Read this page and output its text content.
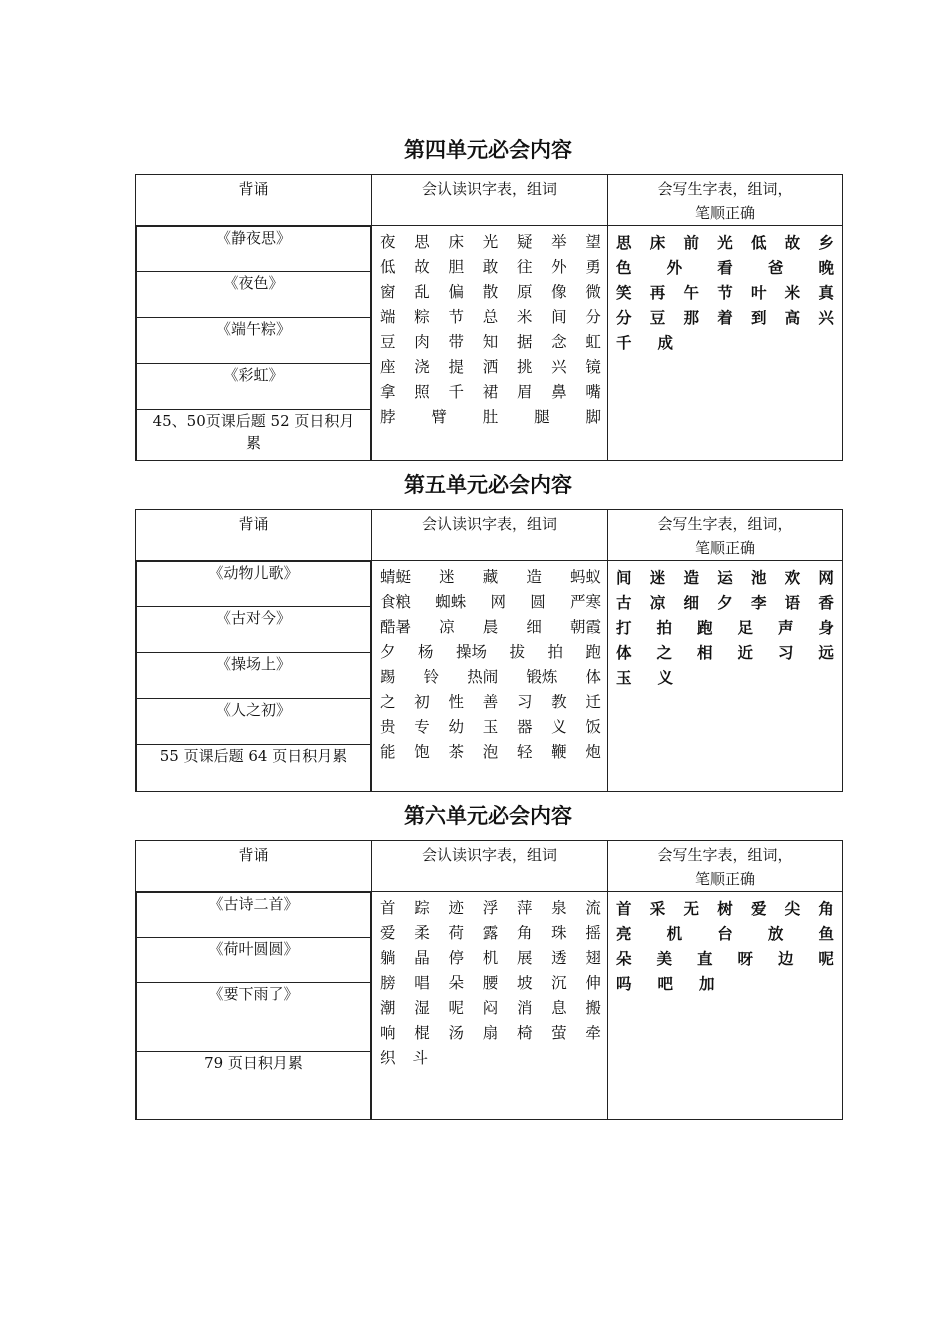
第四单元必会内容
背诵	会认读识字表，组词	会写生字表，组词，
笔顺正确

《静夜思》
《夜色》
《端午粽》
《彩虹》
45、50页课后题 52 页日积月累

夜 思 床 光 疑 举 望
低 故 胆 敢 往 外 勇
窗 乱 偏 散 原 像 微
端 粽 节 总 米 间 分
豆 肉 带 知 据 念 虹
座 浇 提 洒 挑 兴 镜
拿 照 千 裙 眉 鼻 嘴
脖 臂 肚 腿 脚

思 床 前 光 低 故 乡
色 外 看 爸 晚
笑 再 午 节 叶 米 真
分 豆 那 着 到 高 兴
千 成
第五单元必会内容
背诵	会认读识字表，组词	会写生字表，组词，
笔顺正确

《动物儿歌》
《古对今》
《操场上》
《人之初》
55 页课后题 64 页日积月累

蜻蜓 迷 藏 造 蚂蚁
食粮 蜘蛛 网 圆 严寒
酷暑 凉 晨 细 朝霞
夕 杨 操场 拔 拍 跑
踢 铃 热闹 锻炼 体
之 初 性 善 习 教 迁
贵 专 幼 玉 器 义 饭
能 饱 茶 泡 轻 鞭 炮

间 迷 造 运 池 欢 网
古 凉 细 夕 李 语 香
打 拍 跑 足 声 身
体 之 相 近 习 远
玉 义
第六单元必会内容
背诵	会认读识字表，组词	会写生字表，组词，
笔顺正确

《古诗二首》
《荷叶圆圆》
《要下雨了》
79 页日积月累

首 踪 迹 浮 萍 泉 流
爱 柔 荷 露 角 珠 摇
躺 晶 停 机 展 透 翅
膀 唱 朵 腰 坡 沉 伸
潮 湿 呢 闷 消 息 搬
响 棍 汤 扇 椅 萤 牵
织 斗

首 采 无 树 爱 尖 角
亮 机 台 放 鱼
朵 美 直 呀 边 呢
吗 吧 加
